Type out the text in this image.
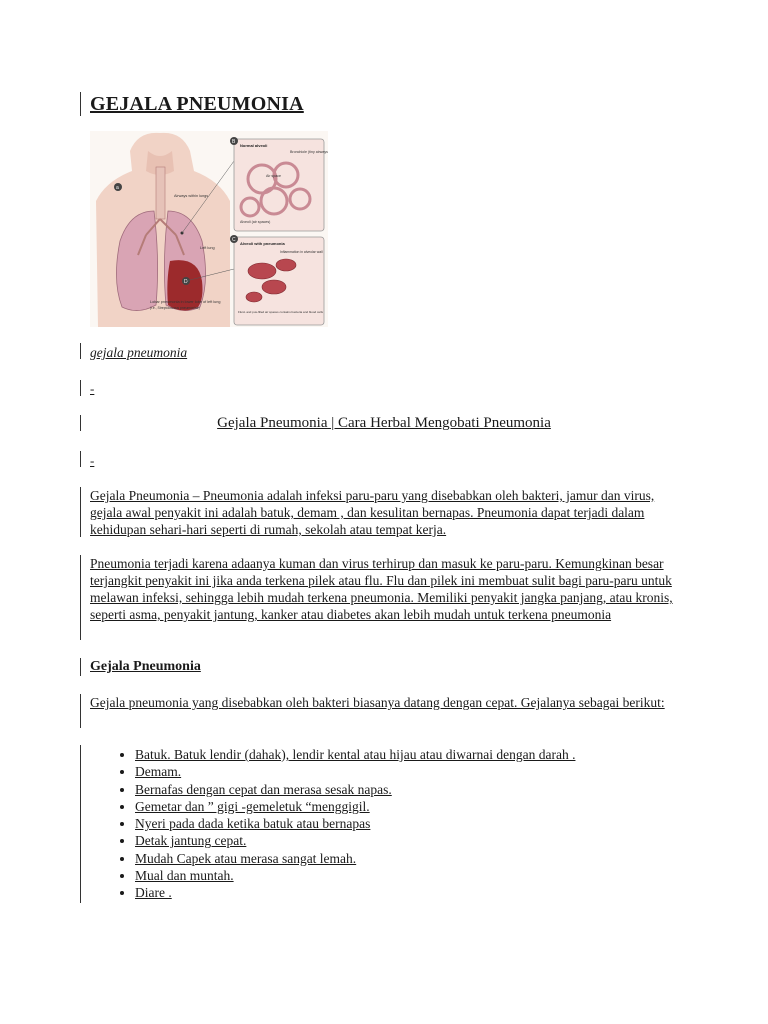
GEJALA PNEUMONIA
a
D
Airways within lungs
Left lung
Lobar pneumonia in lower lobe of left lung
(i.e., Streptococcus pneumoniae)
B
Normal alveoli
Bronchiole (tiny airways)
Air space
Alveoli (air spaces)
C
Alveoli with pneumonia
Inflammation in alveolar wall
Fluid- and pus-filled air spaces contains bacteria and blood cells
gejala pneumonia
-
Gejala Pneumonia | Cara Herbal Mengobati Pneumonia
-

Gejala Pneumonia – Pneumonia adalah infeksi paru-paru yang disebabkan oleh bakteri, jamur dan virus, gejala awal penyakit ini adalah batuk, demam , dan kesulitan bernapas. Pneumonia dapat terjadi dalam kehidupan sehari-hari seperti di rumah, sekolah atau tempat kerja.

Pneumonia terjadi karena adaanya kuman dan virus terhirup dan masuk ke paru-paru. Kemungkinan besar terjangkit penyakit ini jika anda terkena pilek atau flu. Flu dan pilek ini membuat sulit bagi paru-paru untuk melawan infeksi, sehingga lebih mudah terkena pneumonia. Memiliki penyakit jangka panjang, atau kronis, seperti asma, penyakit jantung, kanker atau diabetes akan lebih mudah untuk terkena pneumonia

Gejala Pneumonia

Gejala pneumonia yang disebabkan oleh bakteri biasanya datang dengan cepat. Gejalanya sebagai berikut:

• Batuk. Batuk lendir (dahak), lendir kental atau hijau atau diwarnai dengan darah .
• Demam.
• Bernafas dengan cepat dan merasa sesak napas.
• Gemetar dan ” gigi -gemeletuk “menggigil.
• Nyeri pada dada ketika batuk atau bernapas
• Detak jantung cepat.
• Mudah Capek atau merasa sangat lemah.
• Mual dan muntah.
• Diare .
